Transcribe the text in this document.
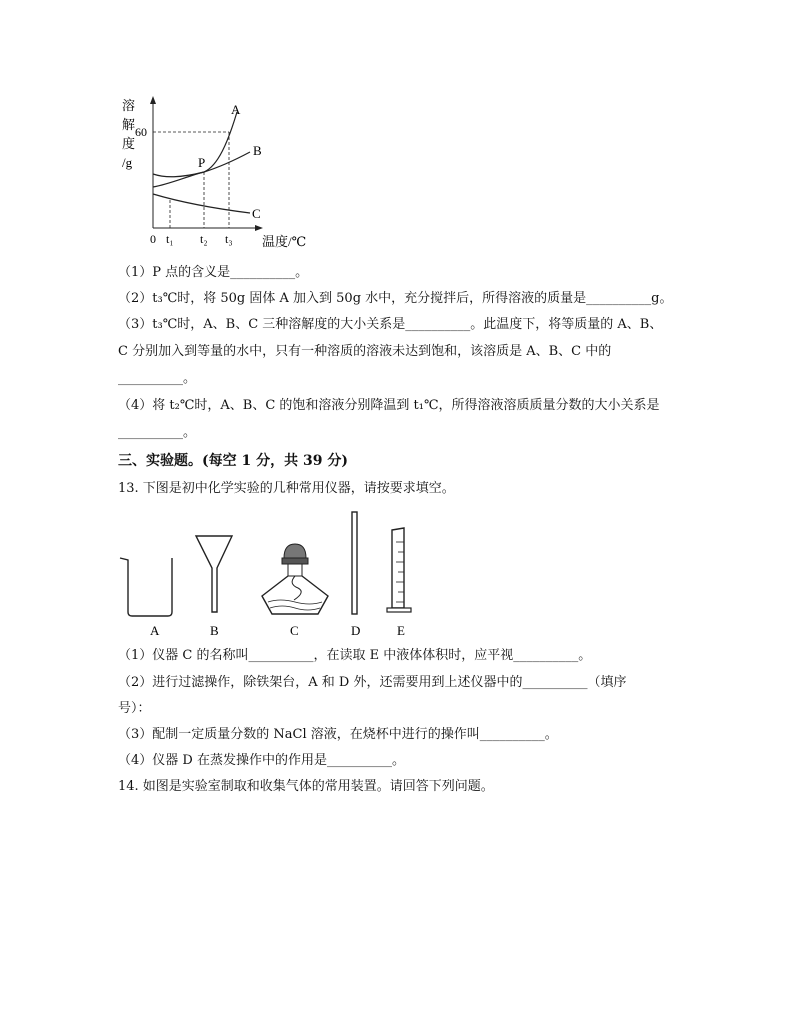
溶
解
度
/g
60
0 t₁ t₂ t₃ 温度/℃
A
B
C
P
（1）P 点的含义是__________。
（2）t₃℃时，将 50g 固体 A 加入到 50g 水中，充分搅拌后，所得溶液的质量是__________g。
（3）t₃℃时，A、B、C 三种溶解度的大小关系是__________。此温度下，将等质量的 A、B、
C 分别加入到等量的水中，只有一种溶质的溶液未达到饱和，该溶质是 A、B、C 中的
__________。
（4）将 t₂℃时，A、B、C 的饱和溶液分别降温到 t₁℃，所得溶液溶质质量分数的大小关系是
__________。
三、实验题。(每空 1 分，共 39 分)
13. 下图是初中化学实验的几种常用仪器，请按要求填空。
A	B	C	D	E
（1）仪器 C 的名称叫__________，在读取 E 中液体体积时，应平视__________。
（2）进行过滤操作，除铁架台，A 和 D 外，还需要用到上述仪器中的__________（填序
号）：
（3）配制一定质量分数的 NaCl 溶液，在烧杯中进行的操作叫__________。
（4）仪器 D 在蒸发操作中的作用是__________。
14. 如图是实验室制取和收集气体的常用装置。请回答下列问题。
